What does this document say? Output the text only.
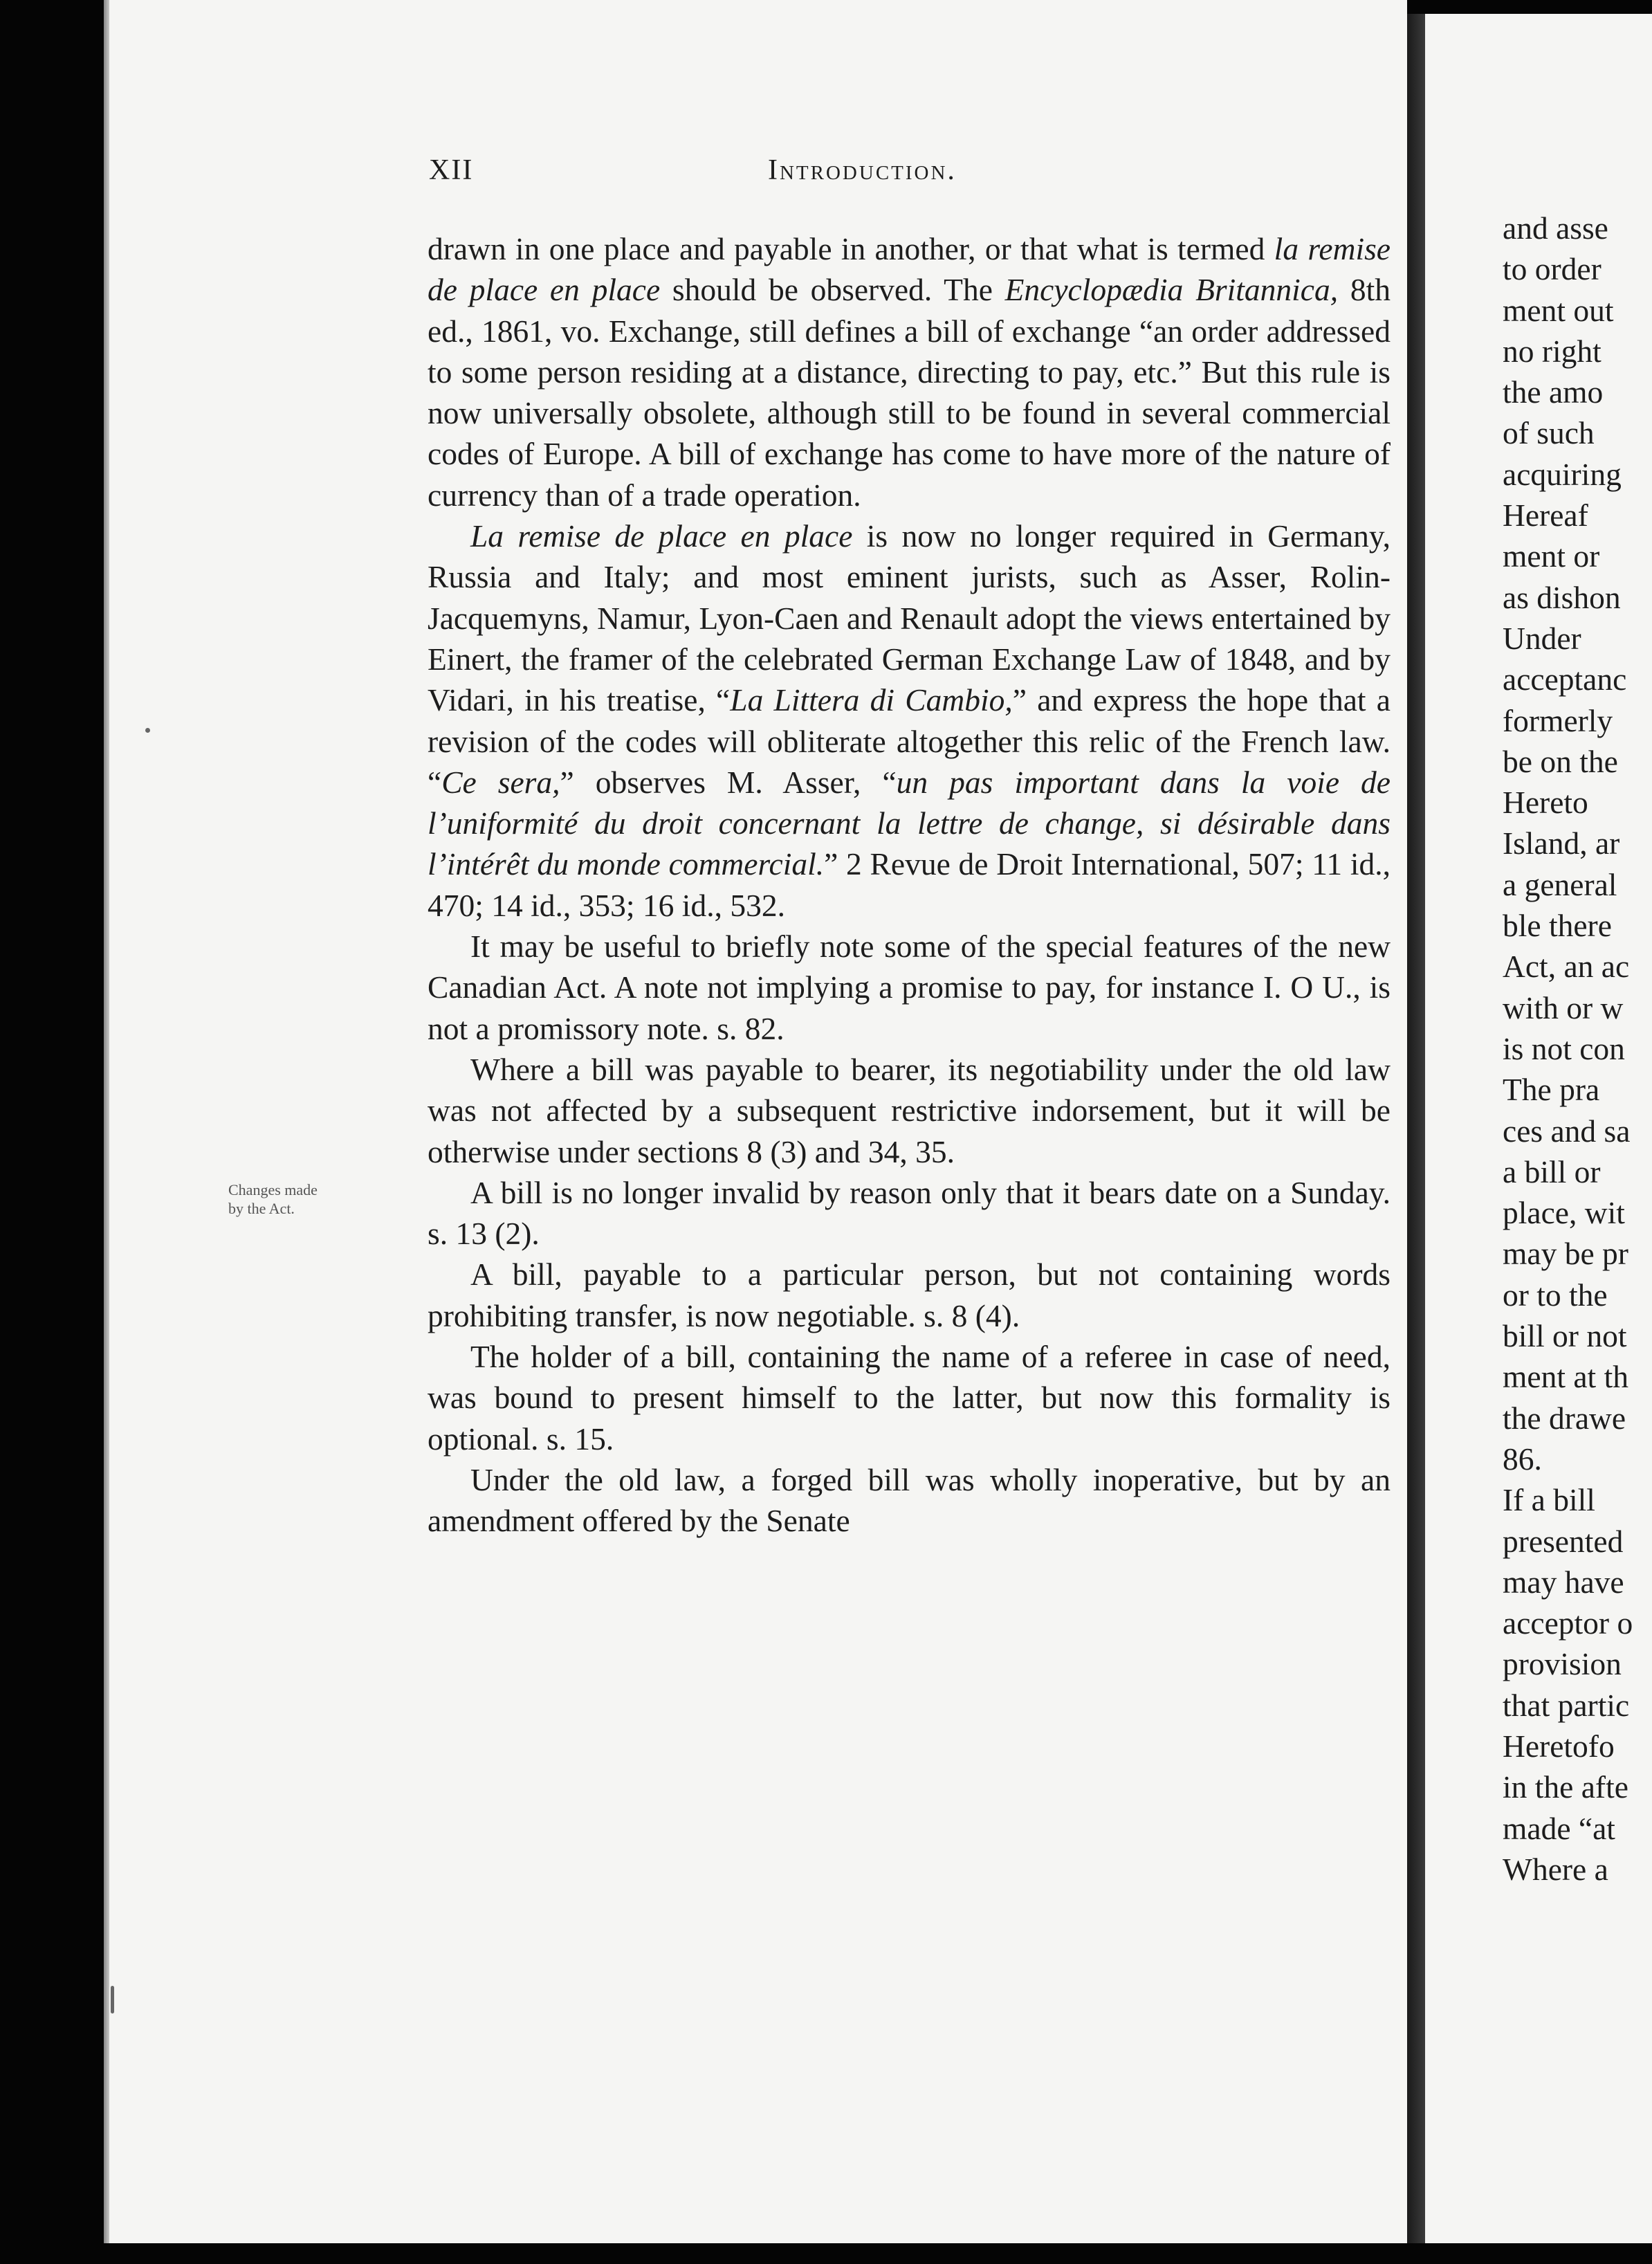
XII	Introduction.
Changes made
by the Act.

drawn in one place and payable in another, or that what is termed la remise de place en place should be observed. The Encyclopædia Britannica, 8th ed., 1861, vo. Exchange, still defines a bill of exchange “an order addressed to some person residing at a distance, directing to pay, etc.” But this rule is now universally obsolete, although still to be found in several commercial codes of Europe. A bill of exchange has come to have more of the nature of currency than of a trade operation.

La remise de place en place is now no longer required in Germany, Russia and Italy; and most eminent jurists, such as Asser, Rolin-Jacquemyns, Namur, Lyon-Caen and Renault adopt the views entertained by Einert, the framer of the celebrated German Exchange Law of 1848, and by Vidari, in his treatise, “La Littera di Cambio,” and express the hope that a revision of the codes will obliterate altogether this relic of the French law. “Ce sera,” observes M. Asser, “un pas important dans la voie de l’uniformité du droit concernant la lettre de change, si désirable dans l’intérêt du monde commercial.” 2 Revue de Droit International, 507; 11 id., 470; 14 id., 353; 16 id., 532.

It may be useful to briefly note some of the special features of the new Canadian Act. A note not implying a promise to pay, for instance I. O U., is not a promissory note. s. 82.

Where a bill was payable to bearer, its negotiability under the old law was not affected by a subsequent restrictive indorsement, but it will be otherwise under sections 8 (3) and 34, 35.

A bill is no longer invalid by reason only that it bears date on a Sunday. s. 13 (2).

A bill, payable to a particular person, but not containing words prohibiting transfer, is now negotiable. s. 8 (4).

The holder of a bill, containing the name of a referee in case of need, was bound to present himself to the latter, but now this formality is optional. s. 15.

Under the old law, a forged bill was wholly inoperative, but by an amendment offered by the Senate

and asse
to order
ment out
no right
the amo
of such
acquiring
Hereaf
ment or
as dishon
Under
acceptanc
formerly
be on the
Hereto
Island, ar
a general
ble there
Act, an ac
with or w
is not con
The pra
ces and sa
a bill or
place, wit
may be pr
or to the
bill or not
ment at th
the drawe
86.
If a bill
presented
may have
acceptor o
provision
that partic
Heretofo
in the afte
made “at
Where a
